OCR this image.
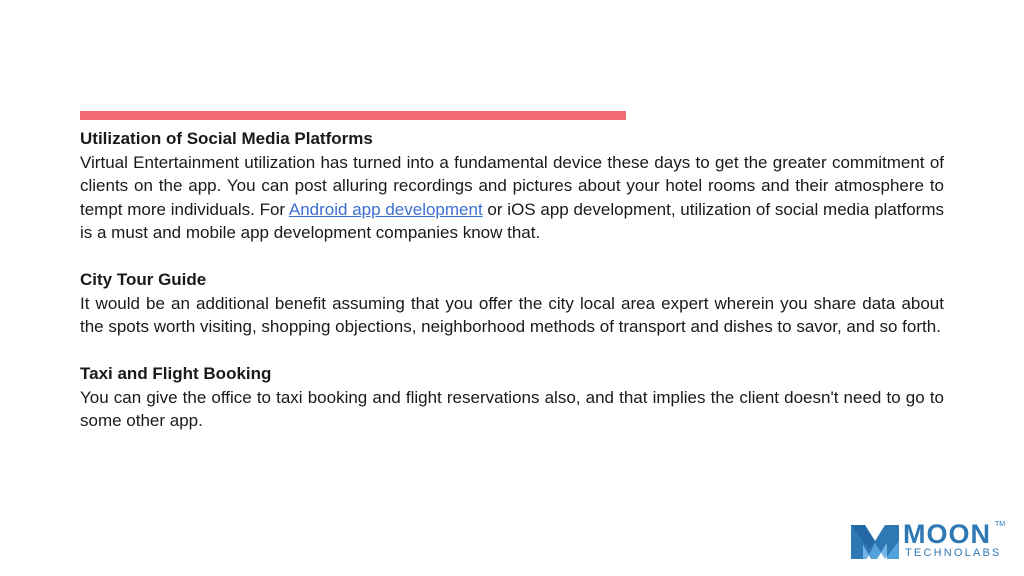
Utilization of Social Media Platforms

Virtual Entertainment utilization has turned into a fundamental device these days to get the greater commitment of clients on the app. You can post alluring recordings and pictures about your hotel rooms and their atmosphere to tempt more individuals. For Android app development or iOS app development, utilization of social media platforms is a must and mobile app development companies know that.

City Tour Guide

It would be an additional benefit assuming that you offer the city local area expert wherein you share data about the spots worth visiting, shopping objections, neighborhood methods of transport and dishes to savor, and so forth.

Taxi and Flight Booking

You can give the office to taxi booking and flight reservations also, and that implies the client doesn't need to go to some other app.

MOON TM
TECHNOLABS
